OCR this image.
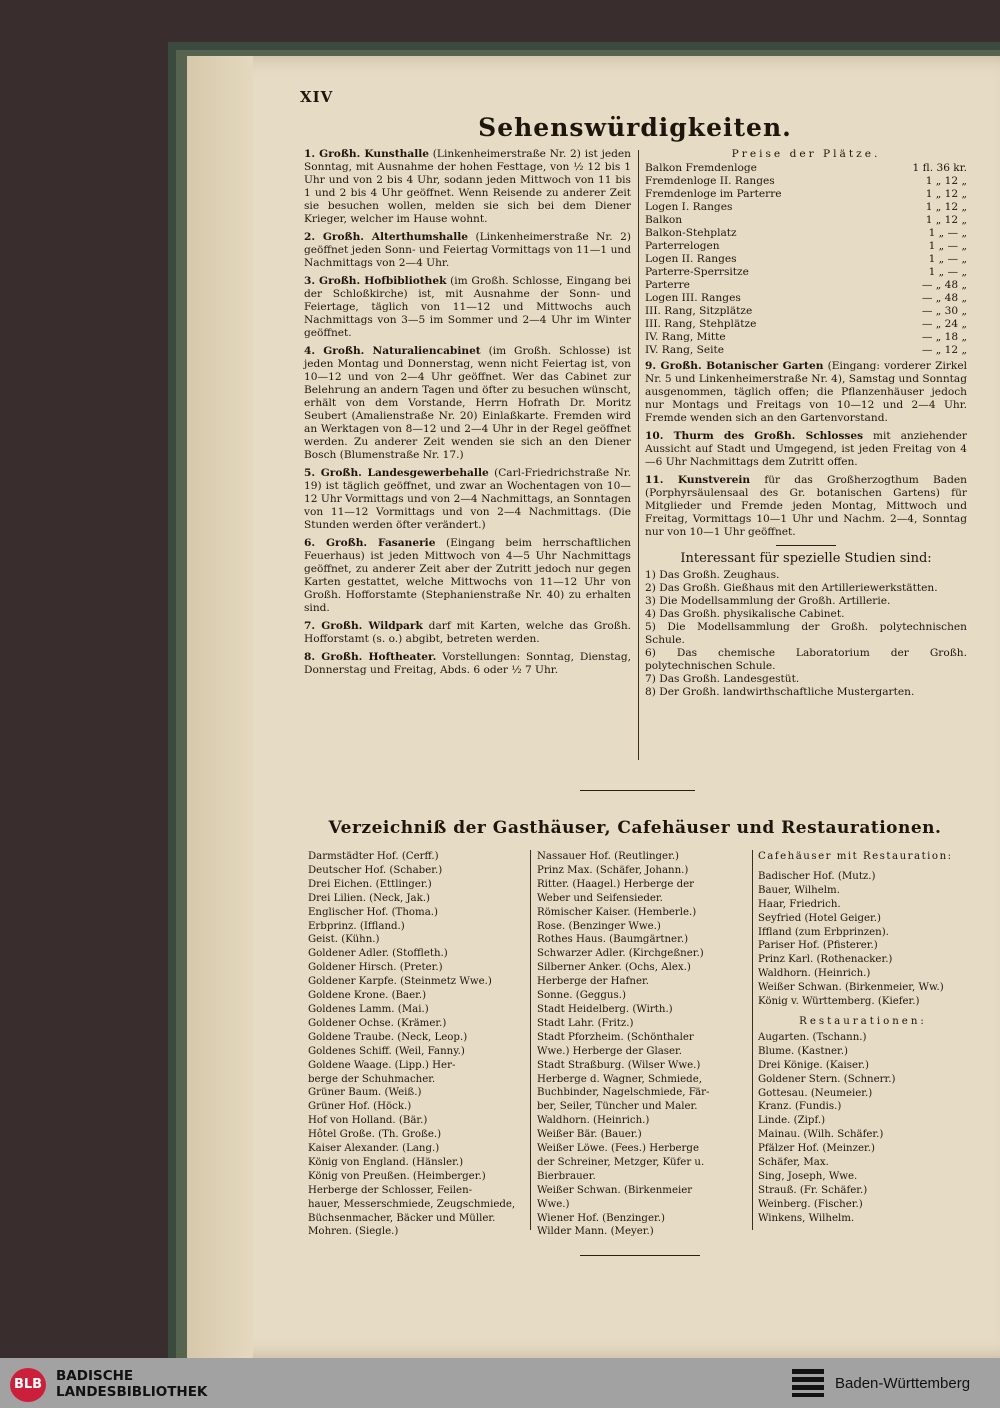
XIV
Sehenswürdigkeiten.

1. Großh. Kunsthalle (Linkenheimerstraße Nr. 2) ist jeden Sonntag, mit Ausnahme der hohen Festtage, von ½ 12 bis 1 Uhr und von 2 bis 4 Uhr, sodann jeden Mittwoch von 11 bis 1 und 2 bis 4 Uhr geöffnet. Wenn Reisende zu anderer Zeit sie besuchen wollen, melden sie sich bei dem Diener Krieger, welcher im Hause wohnt.

2. Großh. Alterthumshalle (Linkenheimerstraße Nr. 2) geöffnet jeden Sonn- und Feiertag Vormittags von 11—1 und Nachmittags von 2—4 Uhr.

3. Großh. Hofbibliothek (im Großh. Schlosse, Eingang bei der Schloßkirche) ist, mit Ausnahme der Sonn- und Feiertage, täglich von 11—12 und Mittwochs auch Nachmittags von 3—5 im Sommer und 2—4 Uhr im Winter geöffnet.

4. Großh. Naturaliencabinet (im Großh. Schlosse) ist jeden Montag und Donnerstag, wenn nicht Feiertag ist, von 10—12 und von 2—4 Uhr geöffnet. Wer das Cabinet zur Belehrung an andern Tagen und öfter zu besuchen wünscht, erhält von dem Vorstande, Herrn Hofrath Dr. Moritz Seubert (Amalienstraße Nr. 20) Einlaßkarte. Fremden wird an Werktagen von 8—12 und 2—4 Uhr in der Regel geöffnet werden. Zu anderer Zeit wenden sie sich an den Diener Bosch (Blumenstraße Nr. 17.)

5. Großh. Landesgewerbehalle (Carl-Friedrichstraße Nr. 19) ist täglich geöffnet, und zwar an Wochentagen von 10—12 Uhr Vormittags und von 2—4 Nachmittags, an Sonntagen von 11—12 Vormittags und von 2—4 Nachmittags. (Die Stunden werden öfter verändert.)

6. Großh. Fasanerie (Eingang beim herrschaftlichen Feuerhaus) ist jeden Mittwoch von 4—5 Uhr Nachmittags geöffnet, zu anderer Zeit aber der Zutritt jedoch nur gegen Karten gestattet, welche Mittwochs von 11—12 Uhr von Großh. Hofforstamte (Stephanienstraße Nr. 40) zu erhalten sind.

7. Großh. Wildpark darf mit Karten, welche das Großh. Hofforstamt (s. o.) abgibt, betreten werden.

8. Großh. Hoftheater. Vorstellungen: Sonntag, Dienstag, Donnerstag und Freitag, Abds. 6 oder ½ 7 Uhr.

Preise der Plätze.
Balkon Fremdenloge	1 fl. 36 kr.
Fremdenloge II. Ranges	1 „ 12 „
Fremdenloge im Parterre	1 „ 12 „
Logen I. Ranges	1 „ 12 „
Balkon	1 „ 12 „
Balkon-Stehplatz	1 „ — „
Parterrelogen	1 „ — „
Logen II. Ranges	1 „ — „
Parterre-Sperrsitze	1 „ — „
Parterre	— „ 48 „
Logen III. Ranges	— „ 48 „
III. Rang, Sitzplätze	— „ 30 „
III. Rang, Stehplätze	— „ 24 „
IV. Rang, Mitte	— „ 18 „
IV. Rang, Seite	— „ 12 „

9. Großh. Botanischer Garten (Eingang: vorderer Zirkel Nr. 5 und Linkenheimerstraße Nr. 4), Samstag und Sonntag ausgenommen, täglich offen; die Pflanzenhäuser jedoch nur Montags und Freitags von 10—12 und 2—4 Uhr. Fremde wenden sich an den Gartenvorstand.

10. Thurm des Großh. Schlosses mit anziehender Aussicht auf Stadt und Umgegend, ist jeden Freitag von 4—6 Uhr Nachmittags dem Zutritt offen.

11. Kunstverein für das Großherzogthum Baden (Porphyrsäulensaal des Gr. botanischen Gartens) für Mitglieder und Fremde jeden Montag, Mittwoch und Freitag, Vormittags 10—1 Uhr und Nachm. 2—4, Sonntag nur von 10—1 Uhr geöffnet.

Interessant für spezielle Studien sind:
1) Das Großh. Zeughaus.
2) Das Großh. Gießhaus mit den Artilleriewerkstätten.
3) Die Modellsammlung der Großh. Artillerie.
4) Das Großh. physikalische Cabinet.
5) Die Modellsammlung der Großh. polytechnischen Schule.
6) Das chemische Laboratorium der Großh. polytechnischen Schule.
7) Das Großh. Landesgestüt.
8) Der Großh. landwirthschaftliche Mustergarten.
Verzeichniß der Gasthäuser, Cafehäuser und Restaurationen.
Darmstädter Hof. (Cerff.)
Deutscher Hof. (Schaber.)
Drei Eichen. (Ettlinger.)
Drei Lilien. (Neck, Jak.)
Englischer Hof. (Thoma.)
Erbprinz. (Iffland.)
Geist. (Kühn.)
Goldener Adler. (Stoffleth.)
Goldener Hirsch. (Preter.)
Goldener Karpfe. (Steinmetz Wwe.)
Goldene Krone. (Baer.)
Goldenes Lamm. (Mai.)
Goldener Ochse. (Krämer.)
Goldene Traube. (Neck, Leop.)
Goldenes Schiff. (Weil, Fanny.)
Goldene Waage. (Lipp.) Her-
berge der Schuhmacher.
Grüner Baum. (Weiß.)
Grüner Hof. (Höck.)
Hof von Holland. (Bär.)
Hôtel Große. (Th. Große.)
Kaiser Alexander. (Lang.)
König von England. (Hänsler.)
König von Preußen. (Heimberger.)
Herberge der Schlosser, Feilen-
hauer, Messerschmiede, Zeugschmiede,
Büchsenmacher, Bäcker und Müller.
Mohren. (Siegle.)
Nassauer Hof. (Reutlinger.)
Prinz Max. (Schäfer, Johann.)
Ritter. (Haagel.) Herberge der
Weber und Seifensieder.
Römischer Kaiser. (Hemberle.)
Rose. (Benzinger Wwe.)
Rothes Haus. (Baumgärtner.)
Schwarzer Adler. (Kirchgeßner.)
Silberner Anker. (Ochs, Alex.)
Herberge der Hafner.
Sonne. (Geggus.)
Stadt Heidelberg. (Wirth.)
Stadt Lahr. (Fritz.)
Stadt Pforzheim. (Schönthaler
Wwe.) Herberge der Glaser.
Stadt Straßburg. (Wilser Wwe.)
Herberge d. Wagner, Schmiede,
Buchbinder, Nagelschmiede, Fär-
ber, Seiler, Tüncher und Maler.
Waldhorn. (Heinrich.)
Weißer Bär. (Bauer.)
Weißer Löwe. (Fees.) Herberge
der Schreiner, Metzger, Küfer u.
Bierbrauer.
Weißer Schwan. (Birkenmeier
Wwe.)
Wiener Hof. (Benzinger.)
Wilder Mann. (Meyer.)
Cafehäuser mit Restauration:
Badischer Hof. (Mutz.)
Bauer, Wilhelm.
Haar, Friedrich.
Seyfried (Hotel Geiger.)
Iffland (zum Erbprinzen).
Pariser Hof. (Pfisterer.)
Prinz Karl. (Rothenacker.)
Waldhorn. (Heinrich.)
Weißer Schwan. (Birkenmeier, Ww.)
König v. Württemberg. (Kiefer.)
Restaurationen:
Augarten. (Tschann.)
Blume. (Kastner.)
Drei Könige. (Kaiser.)
Goldener Stern. (Schnerr.)
Gottesau. (Neumeier.)
Kranz. (Fundis.)
Linde. (Zipf.)
Mainau. (Wilh. Schäfer.)
Pfälzer Hof. (Meinzer.)
Schäfer, Max.
Sing, Joseph, Wwe.
Strauß. (Fr. Schäfer.)
Weinberg. (Fischer.)
Winkens, Wilhelm.
BLB
BADISCHE
LANDESBIBLIOTHEK	Baden-Württemberg
